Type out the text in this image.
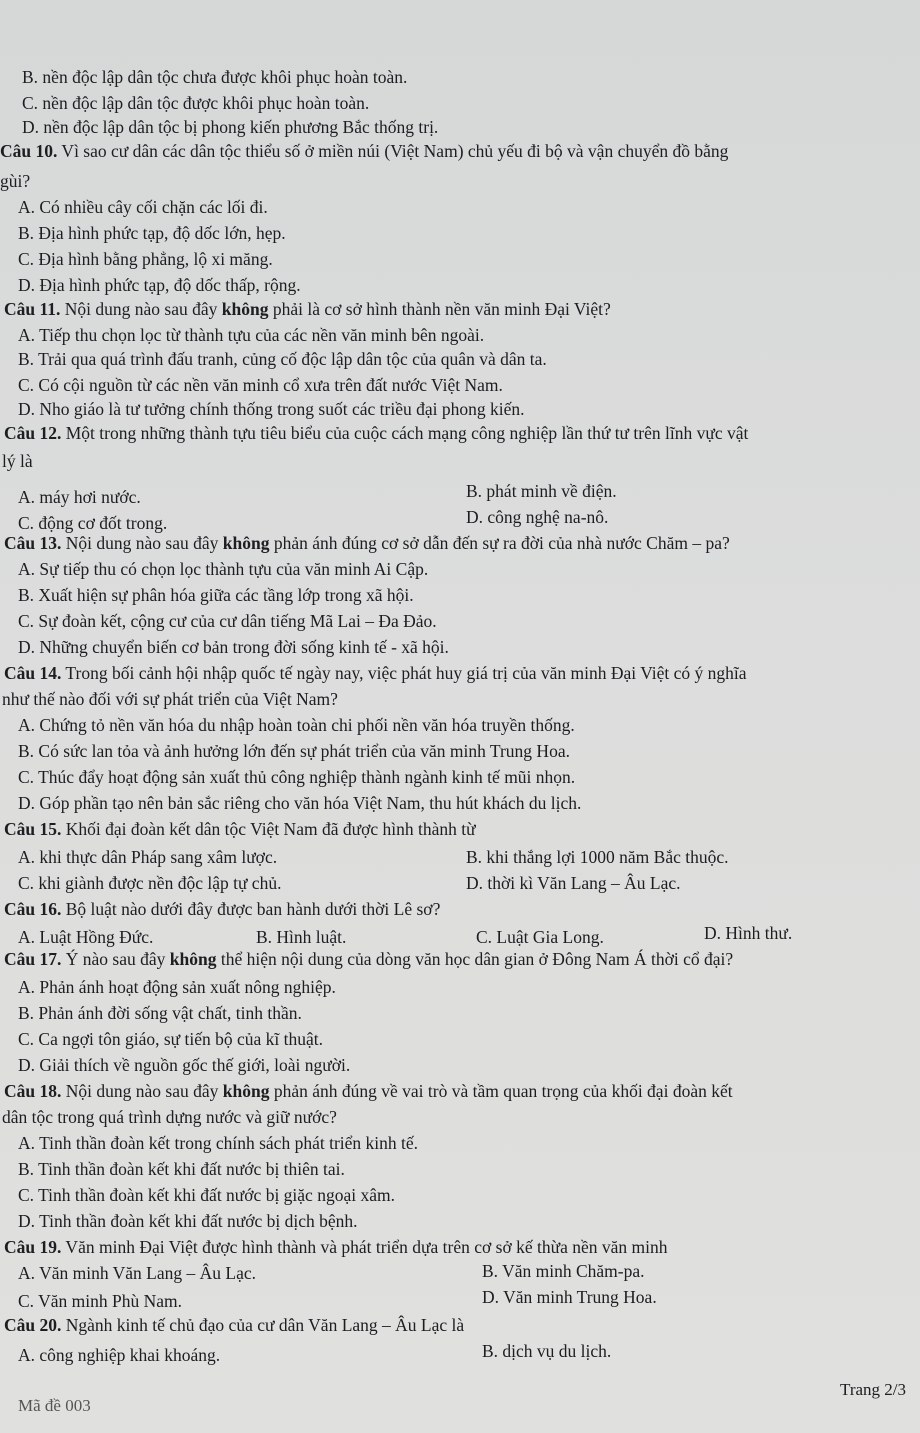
B. nền độc lập dân tộc chưa được khôi phục hoàn toàn.
C. nền độc lập dân tộc được khôi phục hoàn toàn.
D. nền độc lập dân tộc bị phong kiến phương Bắc thống trị.
Câu 10. Vì sao cư dân các dân tộc thiểu số ở miền núi (Việt Nam) chủ yếu đi bộ và vận chuyển đồ bằng
gùi?
A. Có nhiều cây cối chặn các lối đi.
B. Địa hình phức tạp, độ dốc lớn, hẹp.
C. Địa hình bằng phẳng, lộ xi măng.
D. Địa hình phức tạp, độ dốc thấp, rộng.
Câu 11. Nội dung nào sau đây không phải là cơ sở hình thành nền văn minh Đại Việt?
A. Tiếp thu chọn lọc từ thành tựu của các nền văn minh bên ngoài.
B. Trải qua quá trình đấu tranh, củng cố độc lập dân tộc của quân và dân ta.
C. Có cội nguồn từ các nền văn minh cổ xưa trên đất nước Việt Nam.
D. Nho giáo là tư tưởng chính thống trong suốt các triều đại phong kiến.
Câu 12. Một trong những thành tựu tiêu biểu của cuộc cách mạng công nghiệp lần thứ tư trên lĩnh vực vật
lý là
A. máy hơi nước.	B. phát minh về điện.
C. động cơ đốt trong.	D. công nghệ na-nô.
Câu 13. Nội dung nào sau đây không phản ánh đúng cơ sở dẫn đến sự ra đời của nhà nước Chăm – pa?
A. Sự tiếp thu có chọn lọc thành tựu của văn minh Ai Cập.
B. Xuất hiện sự phân hóa giữa các tầng lớp trong xã hội.
C. Sự đoàn kết, cộng cư của cư dân tiếng Mã Lai – Đa Đảo.
D. Những chuyển biến cơ bản trong đời sống kinh tế - xã hội.
Câu 14. Trong bối cảnh hội nhập quốc tế ngày nay, việc phát huy giá trị của văn minh Đại Việt có ý nghĩa
như thế nào đối với sự phát triển của Việt Nam?
A. Chứng tỏ nền văn hóa du nhập hoàn toàn chi phối nền văn hóa truyền thống.
B. Có sức lan tỏa và ảnh hưởng lớn đến sự phát triển của văn minh Trung Hoa.
C. Thúc đẩy hoạt động sản xuất thủ công nghiệp thành ngành kinh tế mũi nhọn.
D. Góp phần tạo nên bản sắc riêng cho văn hóa Việt Nam, thu hút khách du lịch.
Câu 15. Khối đại đoàn kết dân tộc Việt Nam đã được hình thành từ
A. khi thực dân Pháp sang xâm lược.	B. khi thắng lợi 1000 năm Bắc thuộc.
C. khi giành được nền độc lập tự chủ.	D. thời kì Văn Lang – Âu Lạc.
Câu 16. Bộ luật nào dưới đây được ban hành dưới thời Lê sơ?
A. Luật Hồng Đức.	B. Hình luật.	C. Luật Gia Long.	D. Hình thư.
Câu 17. Ý nào sau đây không thể hiện nội dung của dòng văn học dân gian ở Đông Nam Á thời cổ đại?
A. Phản ánh hoạt động sản xuất nông nghiệp.
B. Phản ánh đời sống vật chất, tinh thần.
C. Ca ngợi tôn giáo, sự tiến bộ của kĩ thuật.
D. Giải thích về nguồn gốc thế giới, loài người.
Câu 18. Nội dung nào sau đây không phản ánh đúng về vai trò và tầm quan trọng của khối đại đoàn kết
dân tộc trong quá trình dựng nước và giữ nước?
A. Tinh thần đoàn kết trong chính sách phát triển kinh tế.
B. Tinh thần đoàn kết khi đất nước bị thiên tai.
C. Tinh thần đoàn kết khi đất nước bị giặc ngoại xâm.
D. Tinh thần đoàn kết khi đất nước bị dịch bệnh.
Câu 19. Văn minh Đại Việt được hình thành và phát triển dựa trên cơ sở kế thừa nền văn minh
A. Văn minh Văn Lang – Âu Lạc.	B. Văn minh Chăm-pa.
C. Văn minh Phù Nam.	D. Văn minh Trung Hoa.
Câu 20. Ngành kinh tế chủ đạo của cư dân Văn Lang – Âu Lạc là
A. công nghiệp khai khoáng.	B. dịch vụ du lịch.
Mã đề 003
Trang 2/3
